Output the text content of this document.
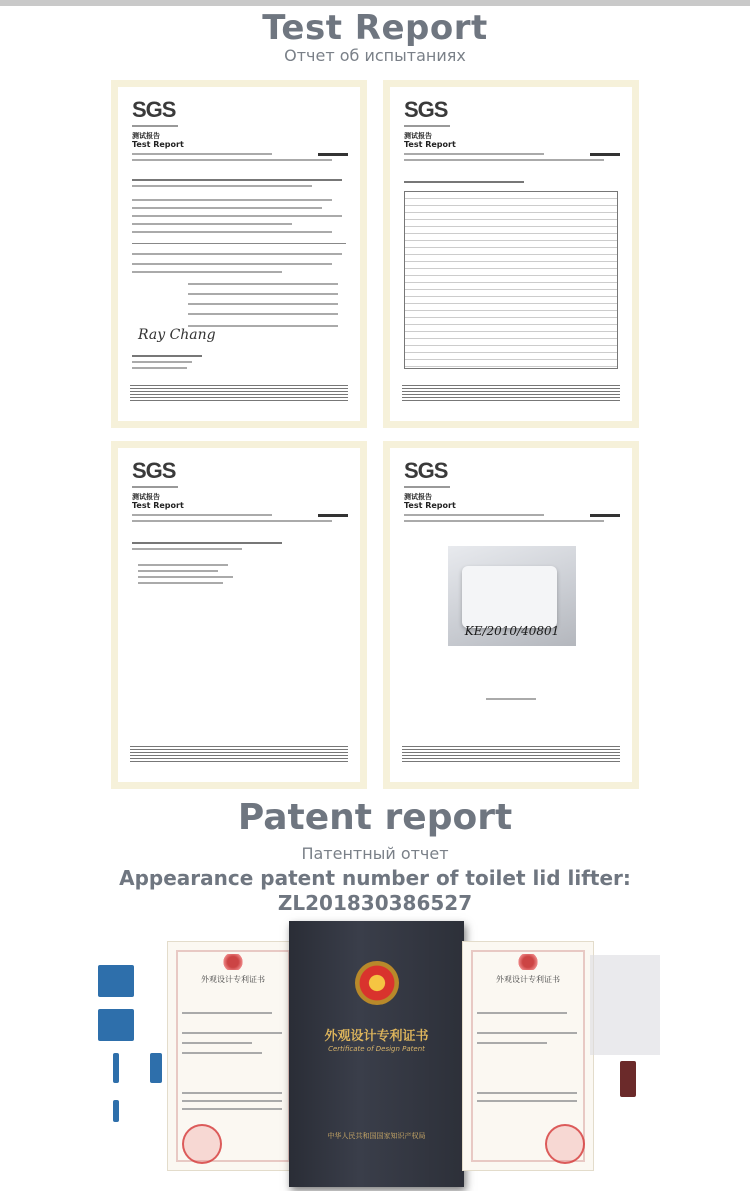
Test Report
Отчет об испытаниях
SGS
测试报告
Test Report
Ray Chang
SGS
测试报告
Test Report
SGS
测试报告
Test Report
SGS
测试报告
Test Report
KE/2010/40801
Patent report
Патентный отчет
Appearance patent number of toilet lid lifter:
ZL201830386527
外观设计专利证书
外观设计专利证书
Certificate of Design Patent
中华人民共和国国家知识产权局
外观设计专利证书
